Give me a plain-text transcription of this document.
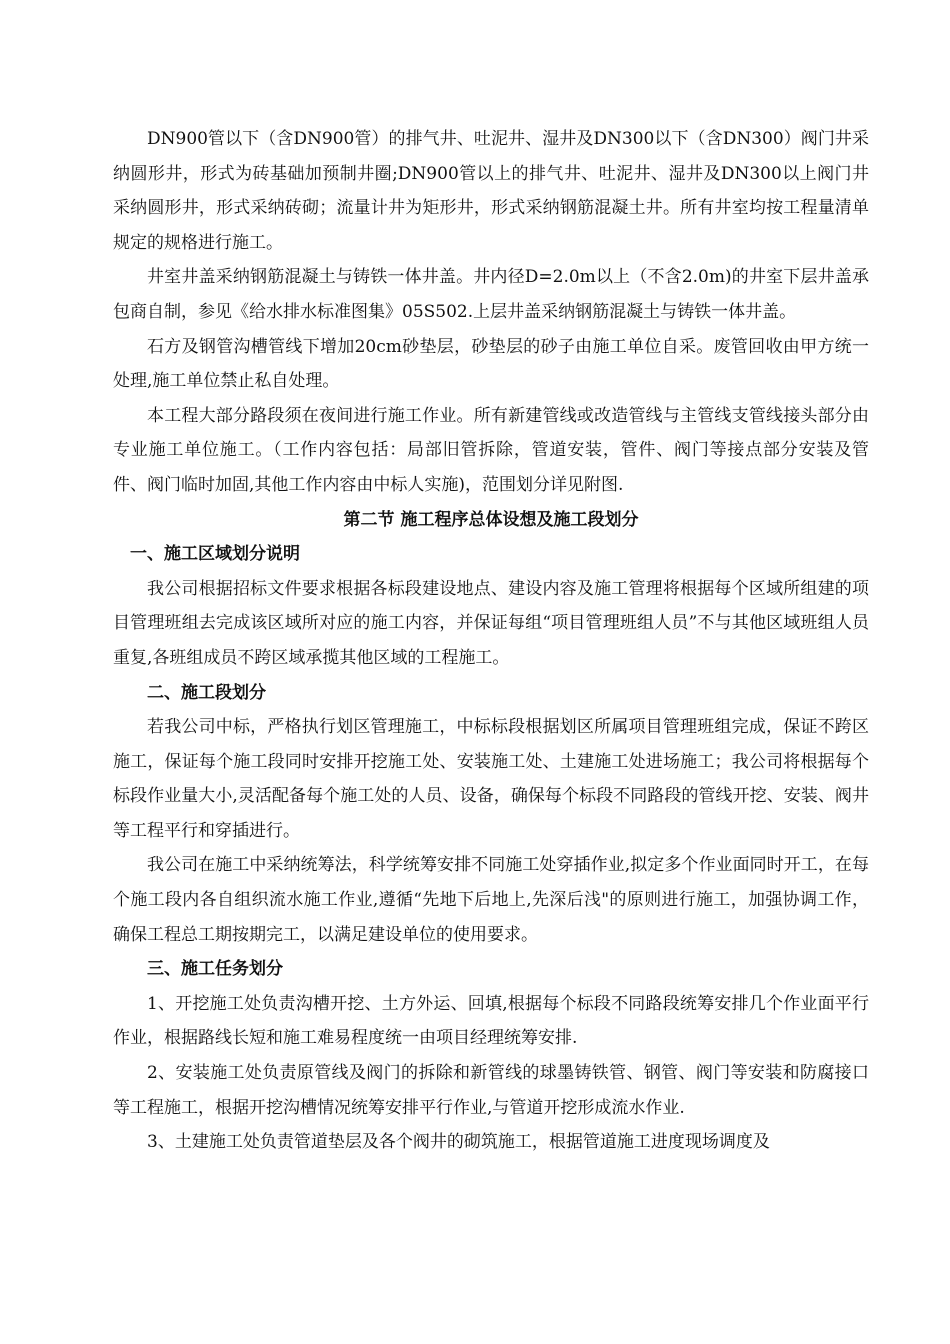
DN900管以下（含DN900管）的排气井、吐泥井、湿井及DN300以下（含DN300）阀门井采纳圆形井，形式为砖基础加预制井圈;DN900管以上的排气井、吐泥井、湿井及DN300以上阀门井采纳圆形井，形式采纳砖砌；流量计井为矩形井，形式采纳钢筋混凝土井。所有井室均按工程量清单规定的规格进行施工。

井室井盖采纳钢筋混凝土与铸铁一体井盖。井内径D=2.0m以上（不含2.0m)的井室下层井盖承包商自制，参见《给水排水标准图集》05S502.上层井盖采纳钢筋混凝土与铸铁一体井盖。

石方及钢管沟槽管线下增加20cm砂垫层，砂垫层的砂子由施工单位自采。废管回收由甲方统一处理,施工单位禁止私自处理。

本工程大部分路段须在夜间进行施工作业。所有新建管线或改造管线与主管线支管线接头部分由专业施工单位施工。（工作内容包括：局部旧管拆除，管道安装，管件、阀门等接点部分安装及管件、阀门临时加固,其他工作内容由中标人实施)，范围划分详见附图.

第二节 施工程序总体设想及施工段划分

一、施工区域划分说明

我公司根据招标文件要求根据各标段建设地点、建设内容及施工管理将根据每个区域所组建的项目管理班组去完成该区域所对应的施工内容，并保证每组“项目管理班组人员”不与其他区域班组人员重复,各班组成员不跨区域承揽其他区域的工程施工。

二、施工段划分

若我公司中标，严格执行划区管理施工，中标标段根据划区所属项目管理班组完成，保证不跨区施工，保证每个施工段同时安排开挖施工处、安装施工处、土建施工处进场施工；我公司将根据每个标段作业量大小,灵活配备每个施工处的人员、设备，确保每个标段不同路段的管线开挖、安装、阀井等工程平行和穿插进行。

我公司在施工中采纳统筹法，科学统筹安排不同施工处穿插作业,拟定多个作业面同时开工，在每个施工段内各自组织流水施工作业,遵循“先地下后地上,先深后浅"的原则进行施工，加强协调工作，确保工程总工期按期完工，以满足建设单位的使用要求。

三、施工任务划分

1、开挖施工处负责沟槽开挖、土方外运、回填,根据每个标段不同路段统筹安排几个作业面平行作业，根据路线长短和施工难易程度统一由项目经理统筹安排.

2、安装施工处负责原管线及阀门的拆除和新管线的球墨铸铁管、钢管、阀门等安装和防腐接口等工程施工，根据开挖沟槽情况统筹安排平行作业,与管道开挖形成流水作业.

3、土建施工处负责管道垫层及各个阀井的砌筑施工，根据管道施工进度现场调度及
